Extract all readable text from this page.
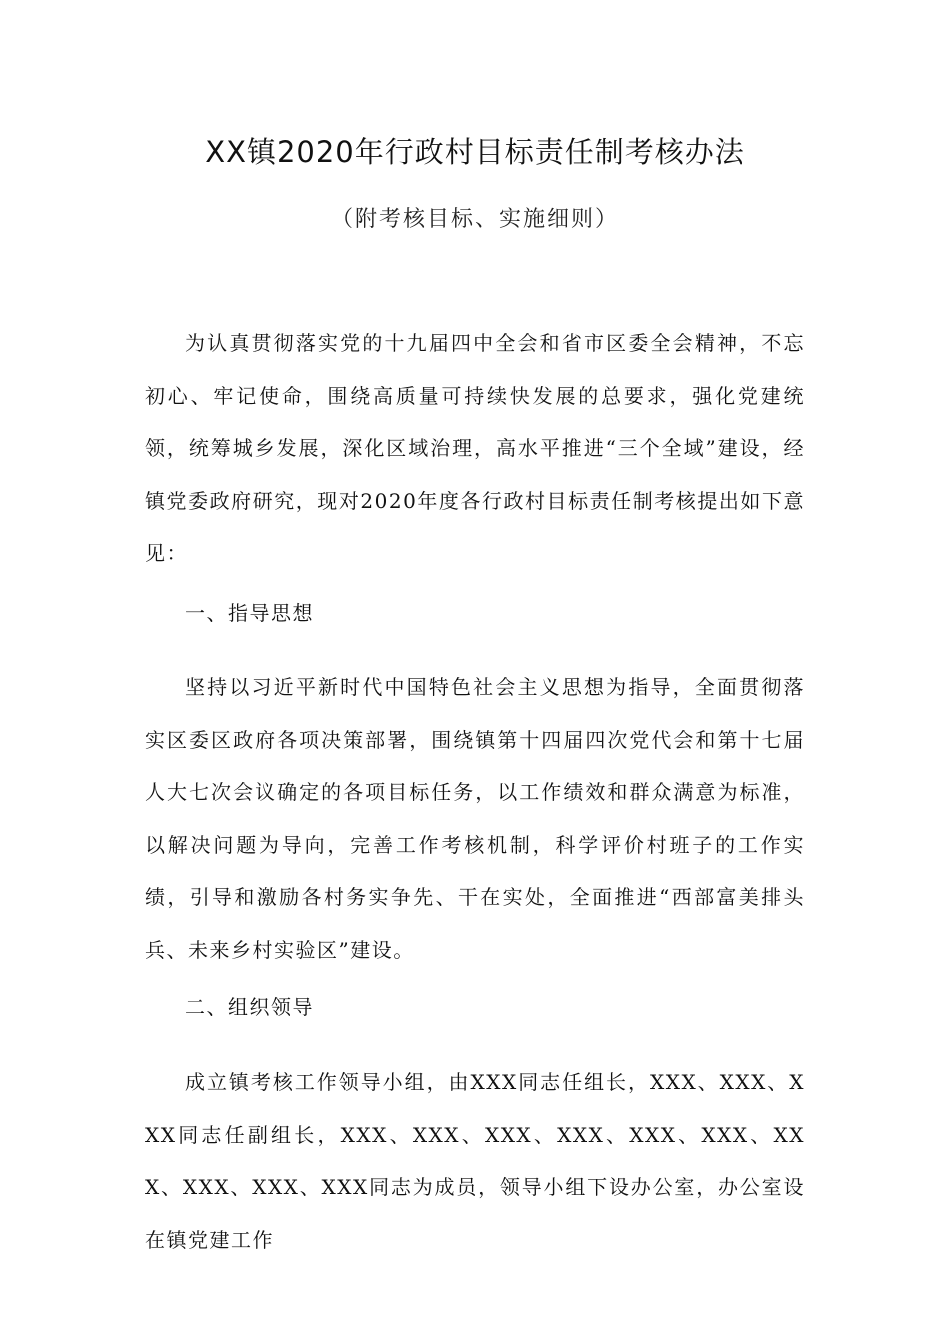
XX镇2020年行政村目标责任制考核办法
（附考核目标、实施细则）

为认真贯彻落实党的十九届四中全会和省市区委全会精神，不忘初心、牢记使命，围绕高质量可持续快发展的总要求，强化党建统领，统筹城乡发展，深化区域治理，高水平推进“三个全域”建设，经镇党委政府研究，现对2020年度各行政村目标责任制考核提出如下意见：

一、指导思想

坚持以习近平新时代中国特色社会主义思想为指导，全面贯彻落实区委区政府各项决策部署，围绕镇第十四届四次党代会和第十七届人大七次会议确定的各项目标任务，以工作绩效和群众满意为标准，以解决问题为导向，完善工作考核机制，科学评价村班子的工作实绩，引导和激励各村务实争先、干在实处，全面推进“西部富美排头兵、未来乡村实验区”建设。

二、组织领导

成立镇考核工作领导小组，由XXX同志任组长，XXX、XXX、XXX同志任副组长，XXX、XXX、XXX、XXX、XXX、XXX、XXX、XXX、XXX、XXX同志为成员，领导小组下设办公室，办公室设在镇党建工作
